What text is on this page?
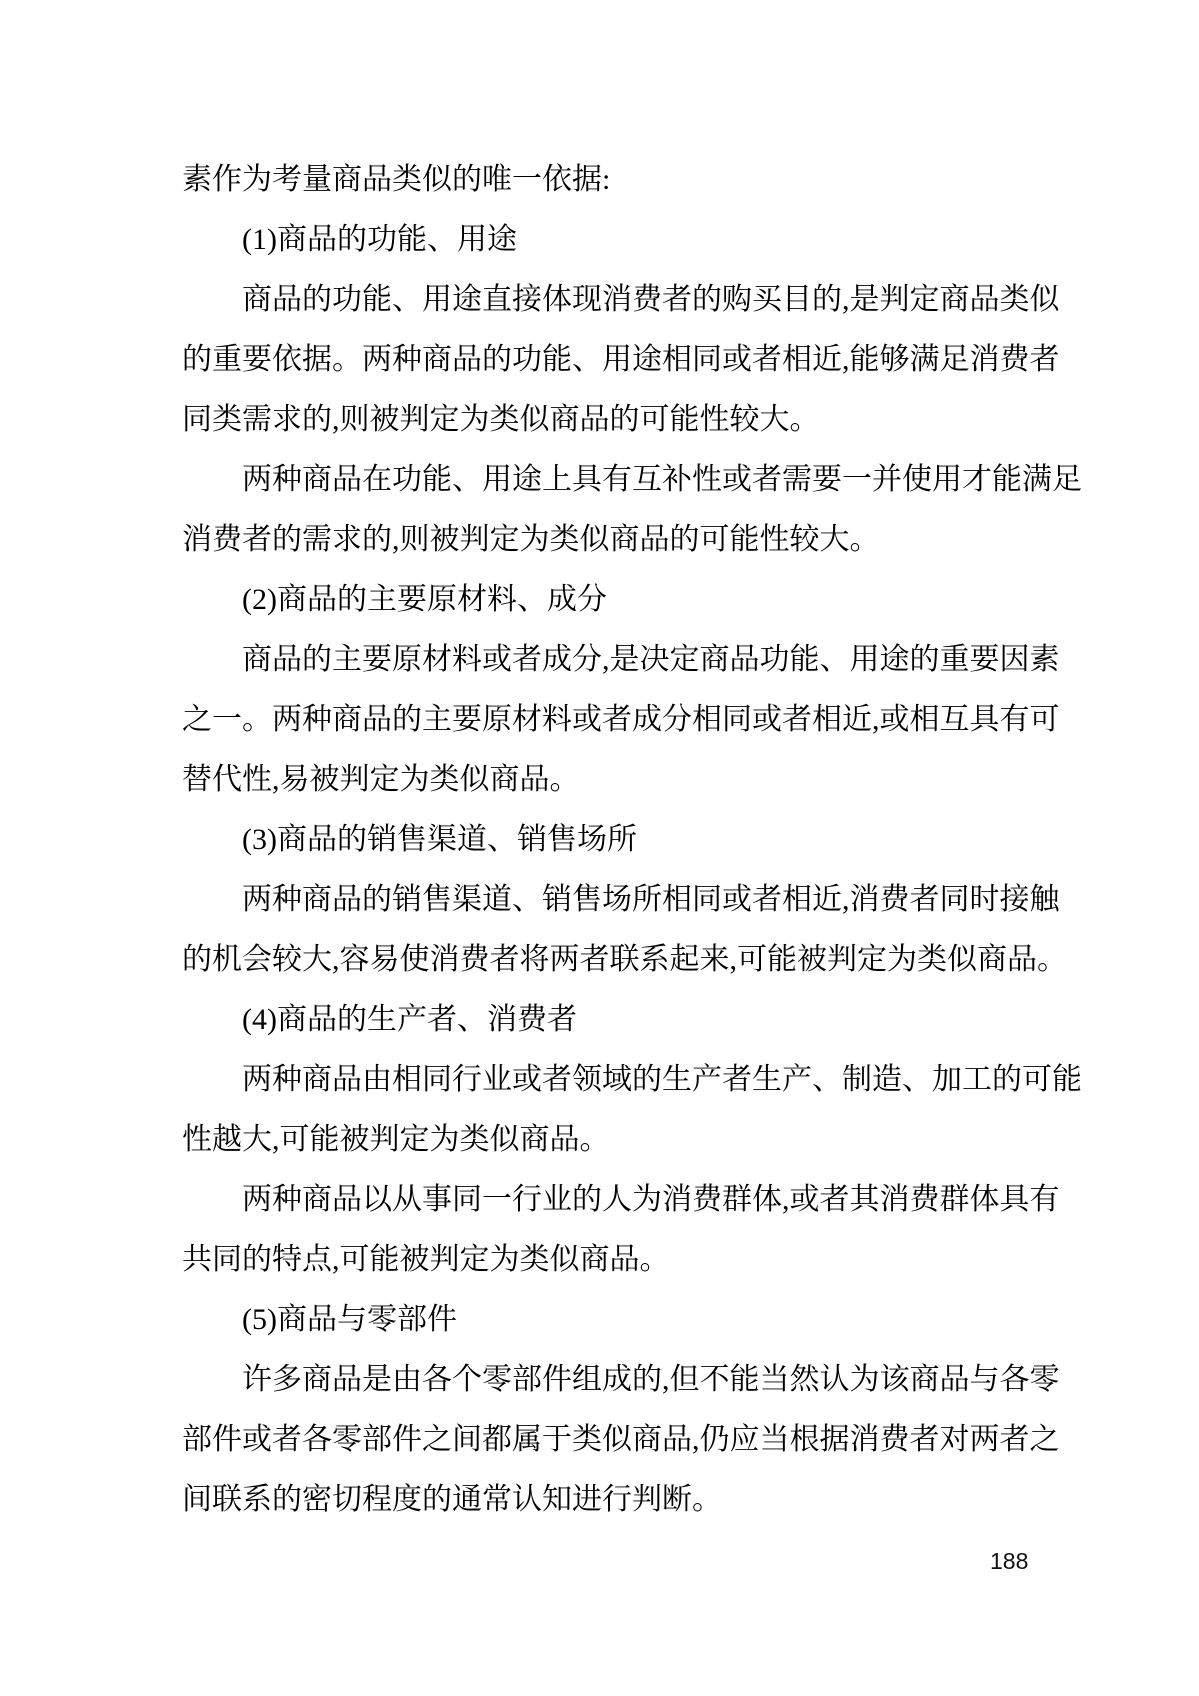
素作为考量商品类似的唯一依据:
(1)商品的功能、用途
商品的功能、用途直接体现消费者的购买目的,是判定商品类似
的重要依据。两种商品的功能、用途相同或者相近,能够满足消费者
同类需求的,则被判定为类似商品的可能性较大。
两种商品在功能、用途上具有互补性或者需要一并使用才能满足
消费者的需求的,则被判定为类似商品的可能性较大。
(2)商品的主要原材料、成分
商品的主要原材料或者成分,是决定商品功能、用途的重要因素
之一。两种商品的主要原材料或者成分相同或者相近,或相互具有可
替代性,易被判定为类似商品。
(3)商品的销售渠道、销售场所
两种商品的销售渠道、销售场所相同或者相近,消费者同时接触
的机会较大,容易使消费者将两者联系起来,可能被判定为类似商品。
(4)商品的生产者、消费者
两种商品由相同行业或者领域的生产者生产、制造、加工的可能
性越大,可能被判定为类似商品。
两种商品以从事同一行业的人为消费群体,或者其消费群体具有
共同的特点,可能被判定为类似商品。
(5)商品与零部件
许多商品是由各个零部件组成的,但不能当然认为该商品与各零
部件或者各零部件之间都属于类似商品,仍应当根据消费者对两者之
间联系的密切程度的通常认知进行判断。
188
